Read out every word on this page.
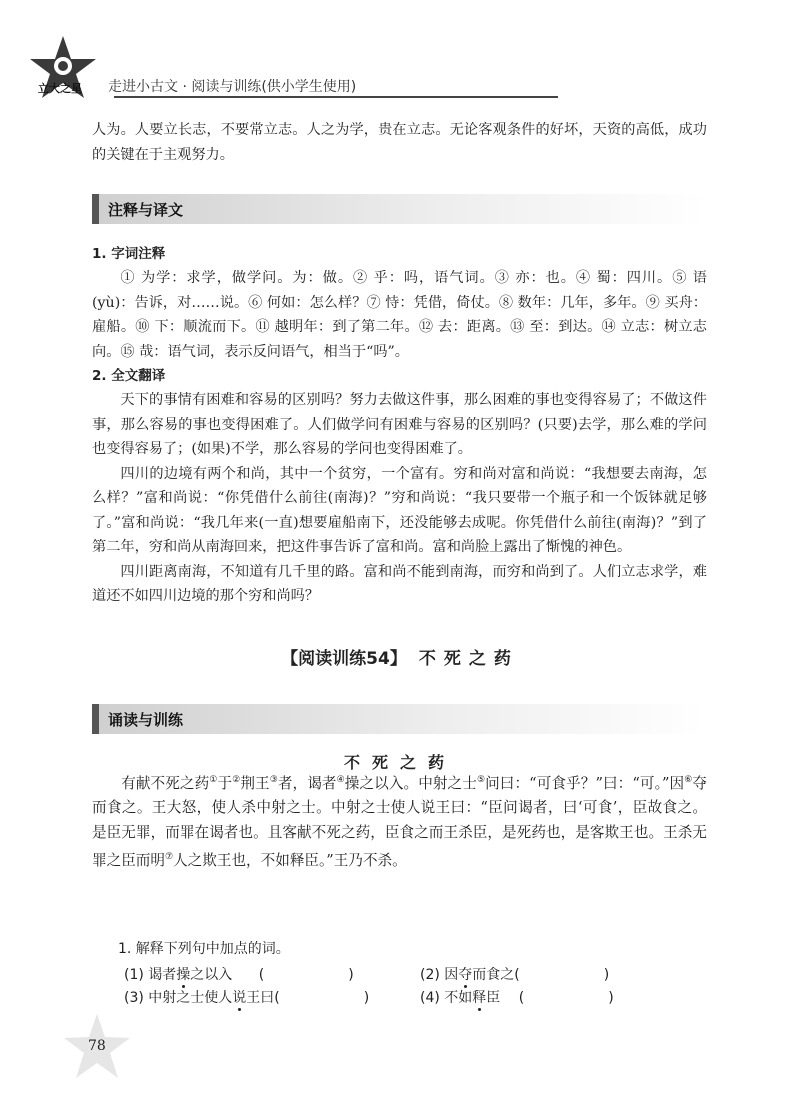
立大之星 走进小古文 · 阅读与训练(供小学生使用)

人为。人要立长志，不要常立志。人之为学，贵在立志。无论客观条件的好坏，天资的高低，成功的关键在于主观努力。

注释与译文
1. 字词注释

① 为学：求学，做学问。为：做。② 乎：吗，语气词。③ 亦：也。④ 蜀：四川。⑤ 语(yù)：告诉，对……说。⑥ 何如：怎么样？⑦ 恃：凭借，倚仗。⑧ 数年：几年，多年。⑨ 买舟：雇船。⑩ 下：顺流而下。⑪ 越明年：到了第二年。⑫ 去：距离。⑬ 至：到达。⑭ 立志：树立志向。⑮ 哉：语气词，表示反问语气，相当于“吗”。

2. 全文翻译

天下的事情有困难和容易的区别吗？努力去做这件事，那么困难的事也变得容易了；不做这件事，那么容易的事也变得困难了。人们做学问有困难与容易的区别吗？(只要)去学，那么难的学问也变得容易了；(如果)不学，那么容易的学问也变得困难了。

四川的边境有两个和尚，其中一个贫穷，一个富有。穷和尚对富和尚说：“我想要去南海，怎么样？”富和尚说：“你凭借什么前往(南海)？”穷和尚说：“我只要带一个瓶子和一个饭钵就足够了。”富和尚说：“我几年来(一直)想要雇船南下，还没能够去成呢。你凭借什么前往(南海)？”到了第二年，穷和尚从南海回来，把这件事告诉了富和尚。富和尚脸上露出了惭愧的神色。

四川距离南海，不知道有几千里的路。富和尚不能到南海，而穷和尚到了。人们立志求学，难道还不如四川边境的那个穷和尚吗？

【阅读训练54】 不死之药
诵读与训练
不死之药

有献不死之药①于②荆王③者，谒者④操之以入。中射之士⑤问曰：“可食乎？”曰：“可。”因⑥夺而食之。王大怒，使人杀中射之士。中射之士使人说王曰：“臣问谒者，曰‘可食’，臣故食之。是臣无罪，而罪在谒者也。且客献不死之药，臣食之而王杀臣，是死药也，是客欺王也。王杀无罪之臣而明⑦人之欺王也，不如释臣。”王乃不杀。

1. 解释下列句中加点的词。
(1) 谒者操之以入 (　　　　　　)	(2) 因夺而食之(　　　　　　)
(3) 中射之士使人说王曰(　　　　　　)	(4) 不如释臣 (　　　　　　)
78
